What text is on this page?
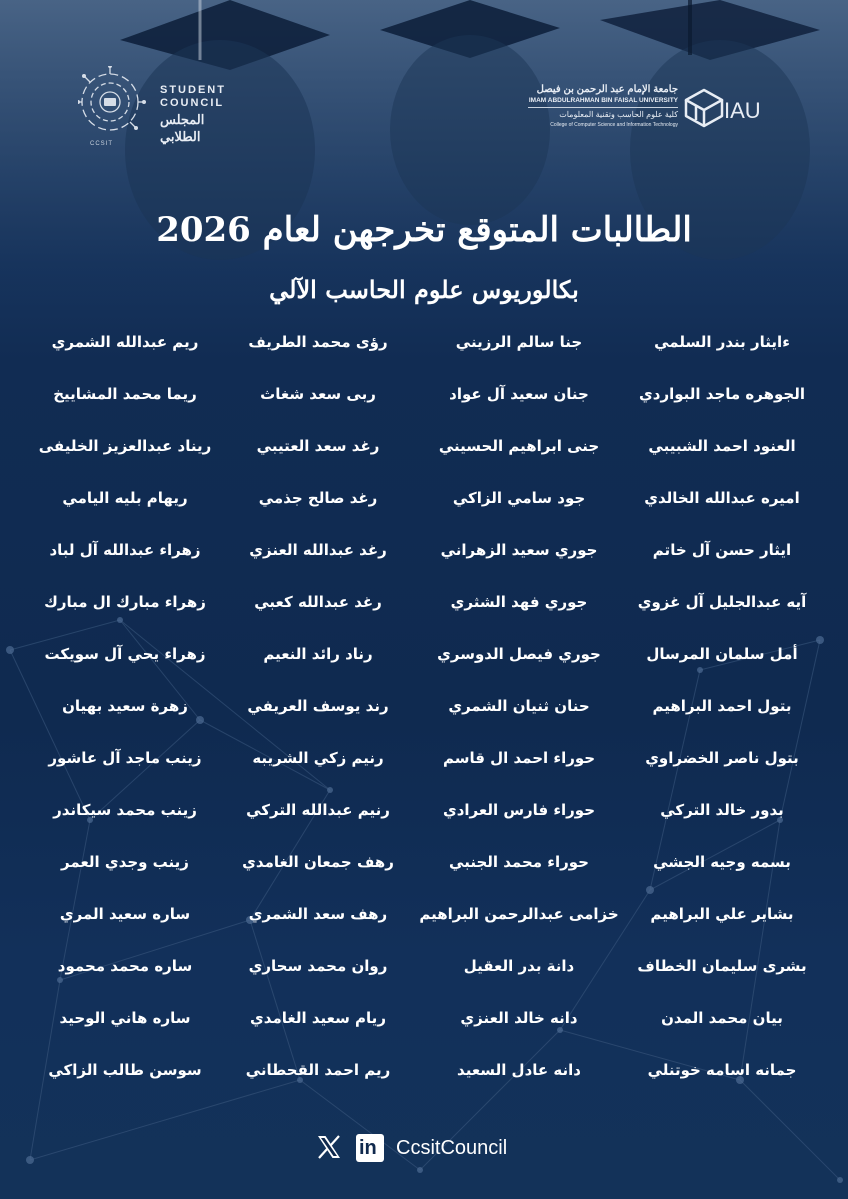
STUDENT
COUNCIL
المجلس
الطلابي
CCSIT
جامعة الإمام عبد الرحمن بن فيصل
IMAM ABDULRAHMAN BIN FAISAL UNIVERSITY
كلية علوم الحاسب وتقنية المعلومات
College of Computer Science and Information Technology
IAU
الطالبات المتوقع تخرجهن لعام 2026
بكالوريوس علوم الحاسب الآلي
ءايثار بندر السلمي
الجوهره ماجد البواردي
العنود احمد الشبيبي
اميره عبدالله الخالدي
ايثار حسن آل خاتم
آيه عبدالجليل آل غزوي
أمل سلمان المرسال
بتول احمد البراهيم
بتول ناصر الخضراوي
بدور خالد التركي
بسمه وجيه الجشي
بشاير علي البراهيم
بشرى سليمان الخطاف
بيان محمد المدن
جمانه اسامه خوتنلي
جنا سالم الرزيني
جنان سعيد آل عواد
جنى ابراهيم الحسيني
جود سامي الزاكي
جوري سعيد الزهراني
جوري فهد الشثري
جوري فيصل الدوسري
حنان ثنيان الشمري
حوراء احمد ال قاسم
حوراء فارس العرادي
حوراء محمد الجنبي
خزامى عبدالرحمن البراهيم
دانة بدر العقيل
دانه خالد العنزي
دانه عادل السعيد
رؤى محمد الطريف
ربى سعد شغاث
رغد سعد العتيبي
رغد صالح جذمي
رغد عبدالله العنزي
رغد عبدالله كعبي
رناد رائد النعيم
رند يوسف العريفي
رنيم زكي الشريبه
رنيم عبدالله التركي
رهف جمعان الغامدي
رهف سعد الشمري
روان محمد سحاري
ريام سعيد الغامدي
ريم احمد القحطاني
ريم عبدالله الشمري
ريما محمد المشاييخ
ريناد عبدالعزيز الخليفى
ريهام بليه اليامي
زهراء عبدالله آل لباد
زهراء مبارك ال مبارك
زهراء يحي آل سويكت
زهرة سعيد بهيان
زينب ماجد آل عاشور
زينب محمد سيكاندر
زينب وجدي العمر
ساره سعيد المري
ساره محمد محمود
ساره هاني الوحيد
سوسن طالب الزاكي
in CcsitCouncil
